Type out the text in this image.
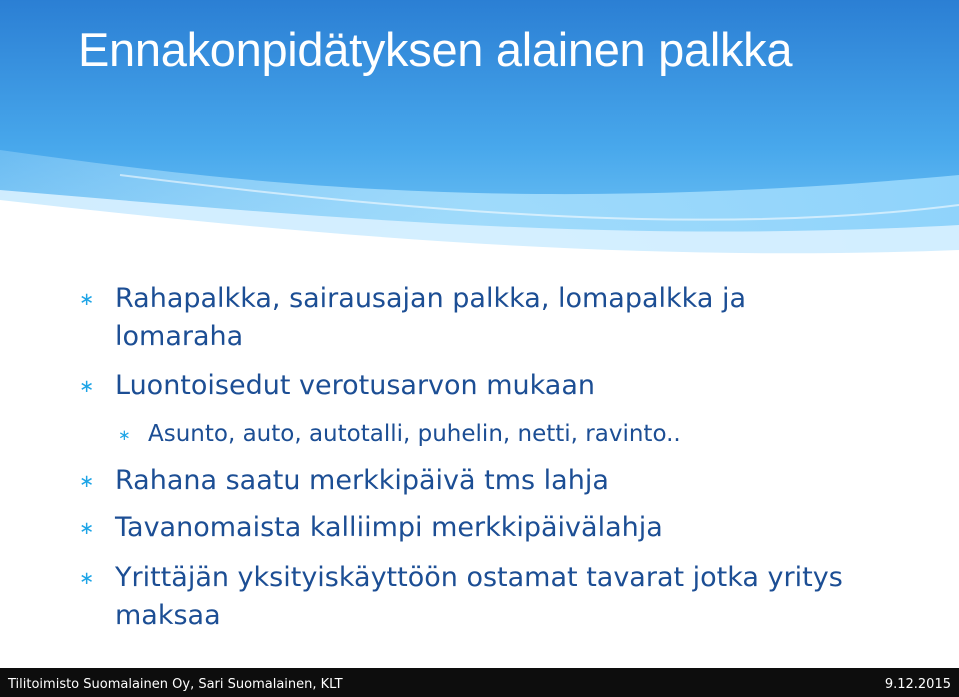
Ennakonpidätyksen alainen palkka
∗ Rahapalkka, sairausajan palkka, lomapalkka ja
lomaraha
∗ Luontoisedut verotusarvon mukaan
∗ Asunto, auto, autotalli, puhelin, netti, ravinto..
∗ Rahana saatu merkkipäivä tms lahja
∗ Tavanomaista kalliimpi merkkipäivälahja
∗ Yrittäjän yksityiskäyttöön ostamat tavarat jotka yritys
maksaa
Tilitoimisto Suomalainen Oy, Sari Suomalainen, KLT	9.12.2015
